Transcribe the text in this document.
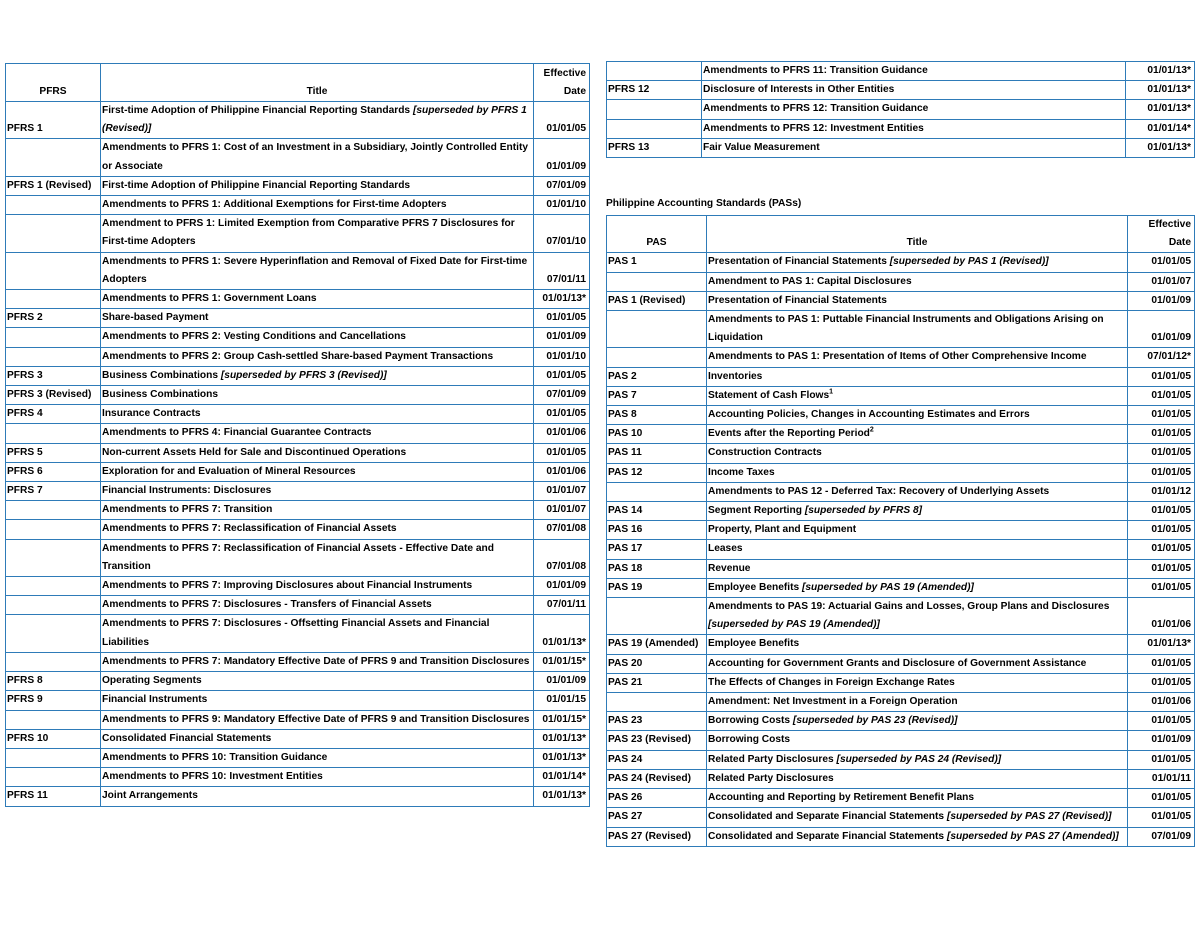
PFRS	Title	Effective
Date
PFRS 1	First-time Adoption of Philippine Financial Reporting Standards [superseded by PFRS 1 (Revised)]	01/01/05
	Amendments to PFRS 1: Cost of an Investment in a Subsidiary, Jointly Controlled Entity or Associate	01/01/09
PFRS 1 (Revised)	First-time Adoption of Philippine Financial Reporting Standards	07/01/09
	Amendments to PFRS 1: Additional Exemptions for First-time Adopters	01/01/10
	Amendment to PFRS 1: Limited Exemption from Comparative PFRS 7 Disclosures for First-time Adopters	07/01/10
	Amendments to PFRS 1: Severe Hyperinflation and Removal of Fixed Date for First-time Adopters	07/01/11
	Amendments to PFRS 1: Government Loans	01/01/13*
PFRS 2	Share-based Payment	01/01/05
	Amendments to PFRS 2: Vesting Conditions and Cancellations	01/01/09
	Amendments to PFRS 2: Group Cash-settled Share-based Payment Transactions	01/01/10
PFRS 3	Business Combinations [superseded by PFRS 3 (Revised)]	01/01/05
PFRS 3 (Revised)	Business Combinations	07/01/09
PFRS 4	Insurance Contracts	01/01/05
	Amendments to PFRS 4: Financial Guarantee Contracts	01/01/06
PFRS 5	Non-current Assets Held for Sale and Discontinued Operations	01/01/05
PFRS 6	Exploration for and Evaluation of Mineral Resources	01/01/06
PFRS 7	Financial Instruments: Disclosures	01/01/07
	Amendments to PFRS 7: Transition	01/01/07
	Amendments to PFRS 7: Reclassification of Financial Assets	07/01/08
	Amendments to PFRS 7: Reclassification of Financial Assets - Effective Date and Transition	07/01/08
	Amendments to PFRS 7: Improving Disclosures about Financial Instruments	01/01/09
	Amendments to PFRS 7: Disclosures - Transfers of Financial Assets	07/01/11
	Amendments to PFRS 7: Disclosures - Offsetting Financial Assets and Financial Liabilities	01/01/13*
	Amendments to PFRS 7: Mandatory Effective Date of PFRS 9 and Transition Disclosures	01/01/15*
PFRS 8	Operating Segments	01/01/09
PFRS 9	Financial Instruments	01/01/15
	Amendments to PFRS 9: Mandatory Effective Date of PFRS 9 and Transition Disclosures	01/01/15*
PFRS 10	Consolidated Financial Statements	01/01/13*
	Amendments to PFRS 10: Transition Guidance	01/01/13*
	Amendments to PFRS 10: Investment Entities	01/01/14*
PFRS 11	Joint Arrangements	01/01/13*
	Amendments to PFRS 11: Transition Guidance	01/01/13*
PFRS 12	Disclosure of Interests in Other Entities	01/01/13*
	Amendments to PFRS 12: Transition Guidance	01/01/13*
	Amendments to PFRS 12: Investment Entities	01/01/14*
PFRS 13	Fair Value Measurement	01/01/13*
Philippine Accounting Standards (PASs)
PAS	Title	Effective
Date
PAS 1	Presentation of Financial Statements [superseded by PAS 1 (Revised)]	01/01/05
	Amendment to PAS 1: Capital Disclosures	01/01/07
PAS 1 (Revised)	Presentation of Financial Statements	01/01/09
	Amendments to PAS 1: Puttable Financial Instruments and Obligations Arising on Liquidation	01/01/09
	Amendments to PAS 1: Presentation of Items of Other Comprehensive Income	07/01/12*
PAS 2	Inventories	01/01/05
PAS 7	Statement of Cash Flows$^1$	01/01/05
PAS 8	Accounting Policies, Changes in Accounting Estimates and Errors	01/01/05
PAS 10	Events after the Reporting Period$^2$	01/01/05
PAS 11	Construction Contracts	01/01/05
PAS 12	Income Taxes	01/01/05
	Amendments to PAS 12 - Deferred Tax: Recovery of Underlying Assets	01/01/12
PAS 14	Segment Reporting [superseded by PFRS 8]	01/01/05
PAS 16	Property, Plant and Equipment	01/01/05
PAS 17	Leases	01/01/05
PAS 18	Revenue	01/01/05
PAS 19	Employee Benefits [superseded by PAS 19 (Amended)]	01/01/05
	Amendments to PAS 19: Actuarial Gains and Losses, Group Plans and Disclosures [superseded by PAS 19 (Amended)]	01/01/06
PAS 19 (Amended)	Employee Benefits	01/01/13*
PAS 20	Accounting for Government Grants and Disclosure of Government Assistance	01/01/05
PAS 21	The Effects of Changes in Foreign Exchange Rates	01/01/05
	Amendment: Net Investment in a Foreign Operation	01/01/06
PAS 23	Borrowing Costs [superseded by PAS 23 (Revised)]	01/01/05
PAS 23 (Revised)	Borrowing Costs	01/01/09
PAS 24	Related Party Disclosures [superseded by PAS 24 (Revised)]	01/01/05
PAS 24 (Revised)	Related Party Disclosures	01/01/11
PAS 26	Accounting and Reporting by Retirement Benefit Plans	01/01/05
PAS 27	Consolidated and Separate Financial Statements [superseded by PAS 27 (Revised)]	01/01/05
PAS 27 (Revised)	Consolidated and Separate Financial Statements [superseded by PAS 27 (Amended)]	07/01/09
